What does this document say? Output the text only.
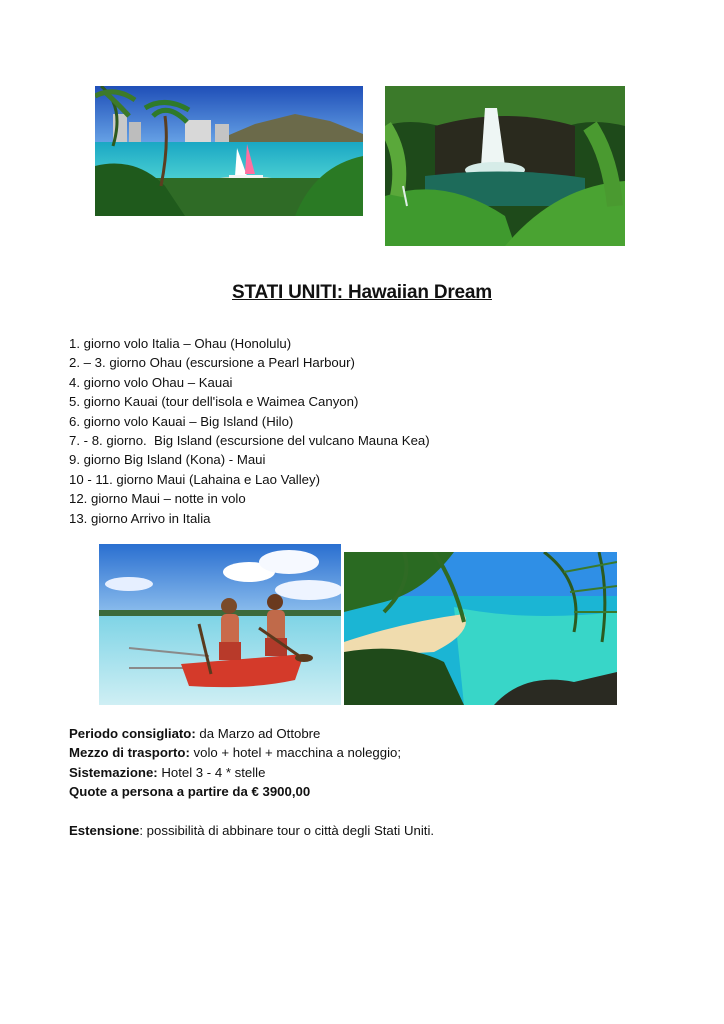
STATI UNITI: Hawaiian Dream
1. giorno volo Italia – Ohau (Honolulu)
2. – 3. giorno Ohau (escursione a Pearl Harbour)
4. giorno volo Ohau – Kauai
5. giorno Kauai (tour dell'isola e Waimea Canyon)
6. giorno volo Kauai – Big Island (Hilo)
7. - 8. giorno.  Big Island (escursione del vulcano Mauna Kea)
9. giorno Big Island (Kona) - Maui
10 - 11. giorno Maui (Lahaina e Lao Valley)
12. giorno Maui – notte in volo
13. giorno Arrivo in Italia
Periodo consigliato: da Marzo ad Ottobre
Mezzo di trasporto: volo + hotel + macchina a noleggio;
Sistemazione: Hotel 3 - 4 * stelle
Quote a persona a partire da € 3900,00
Estensione: possibilità di abbinare tour o città degli Stati Uniti.
